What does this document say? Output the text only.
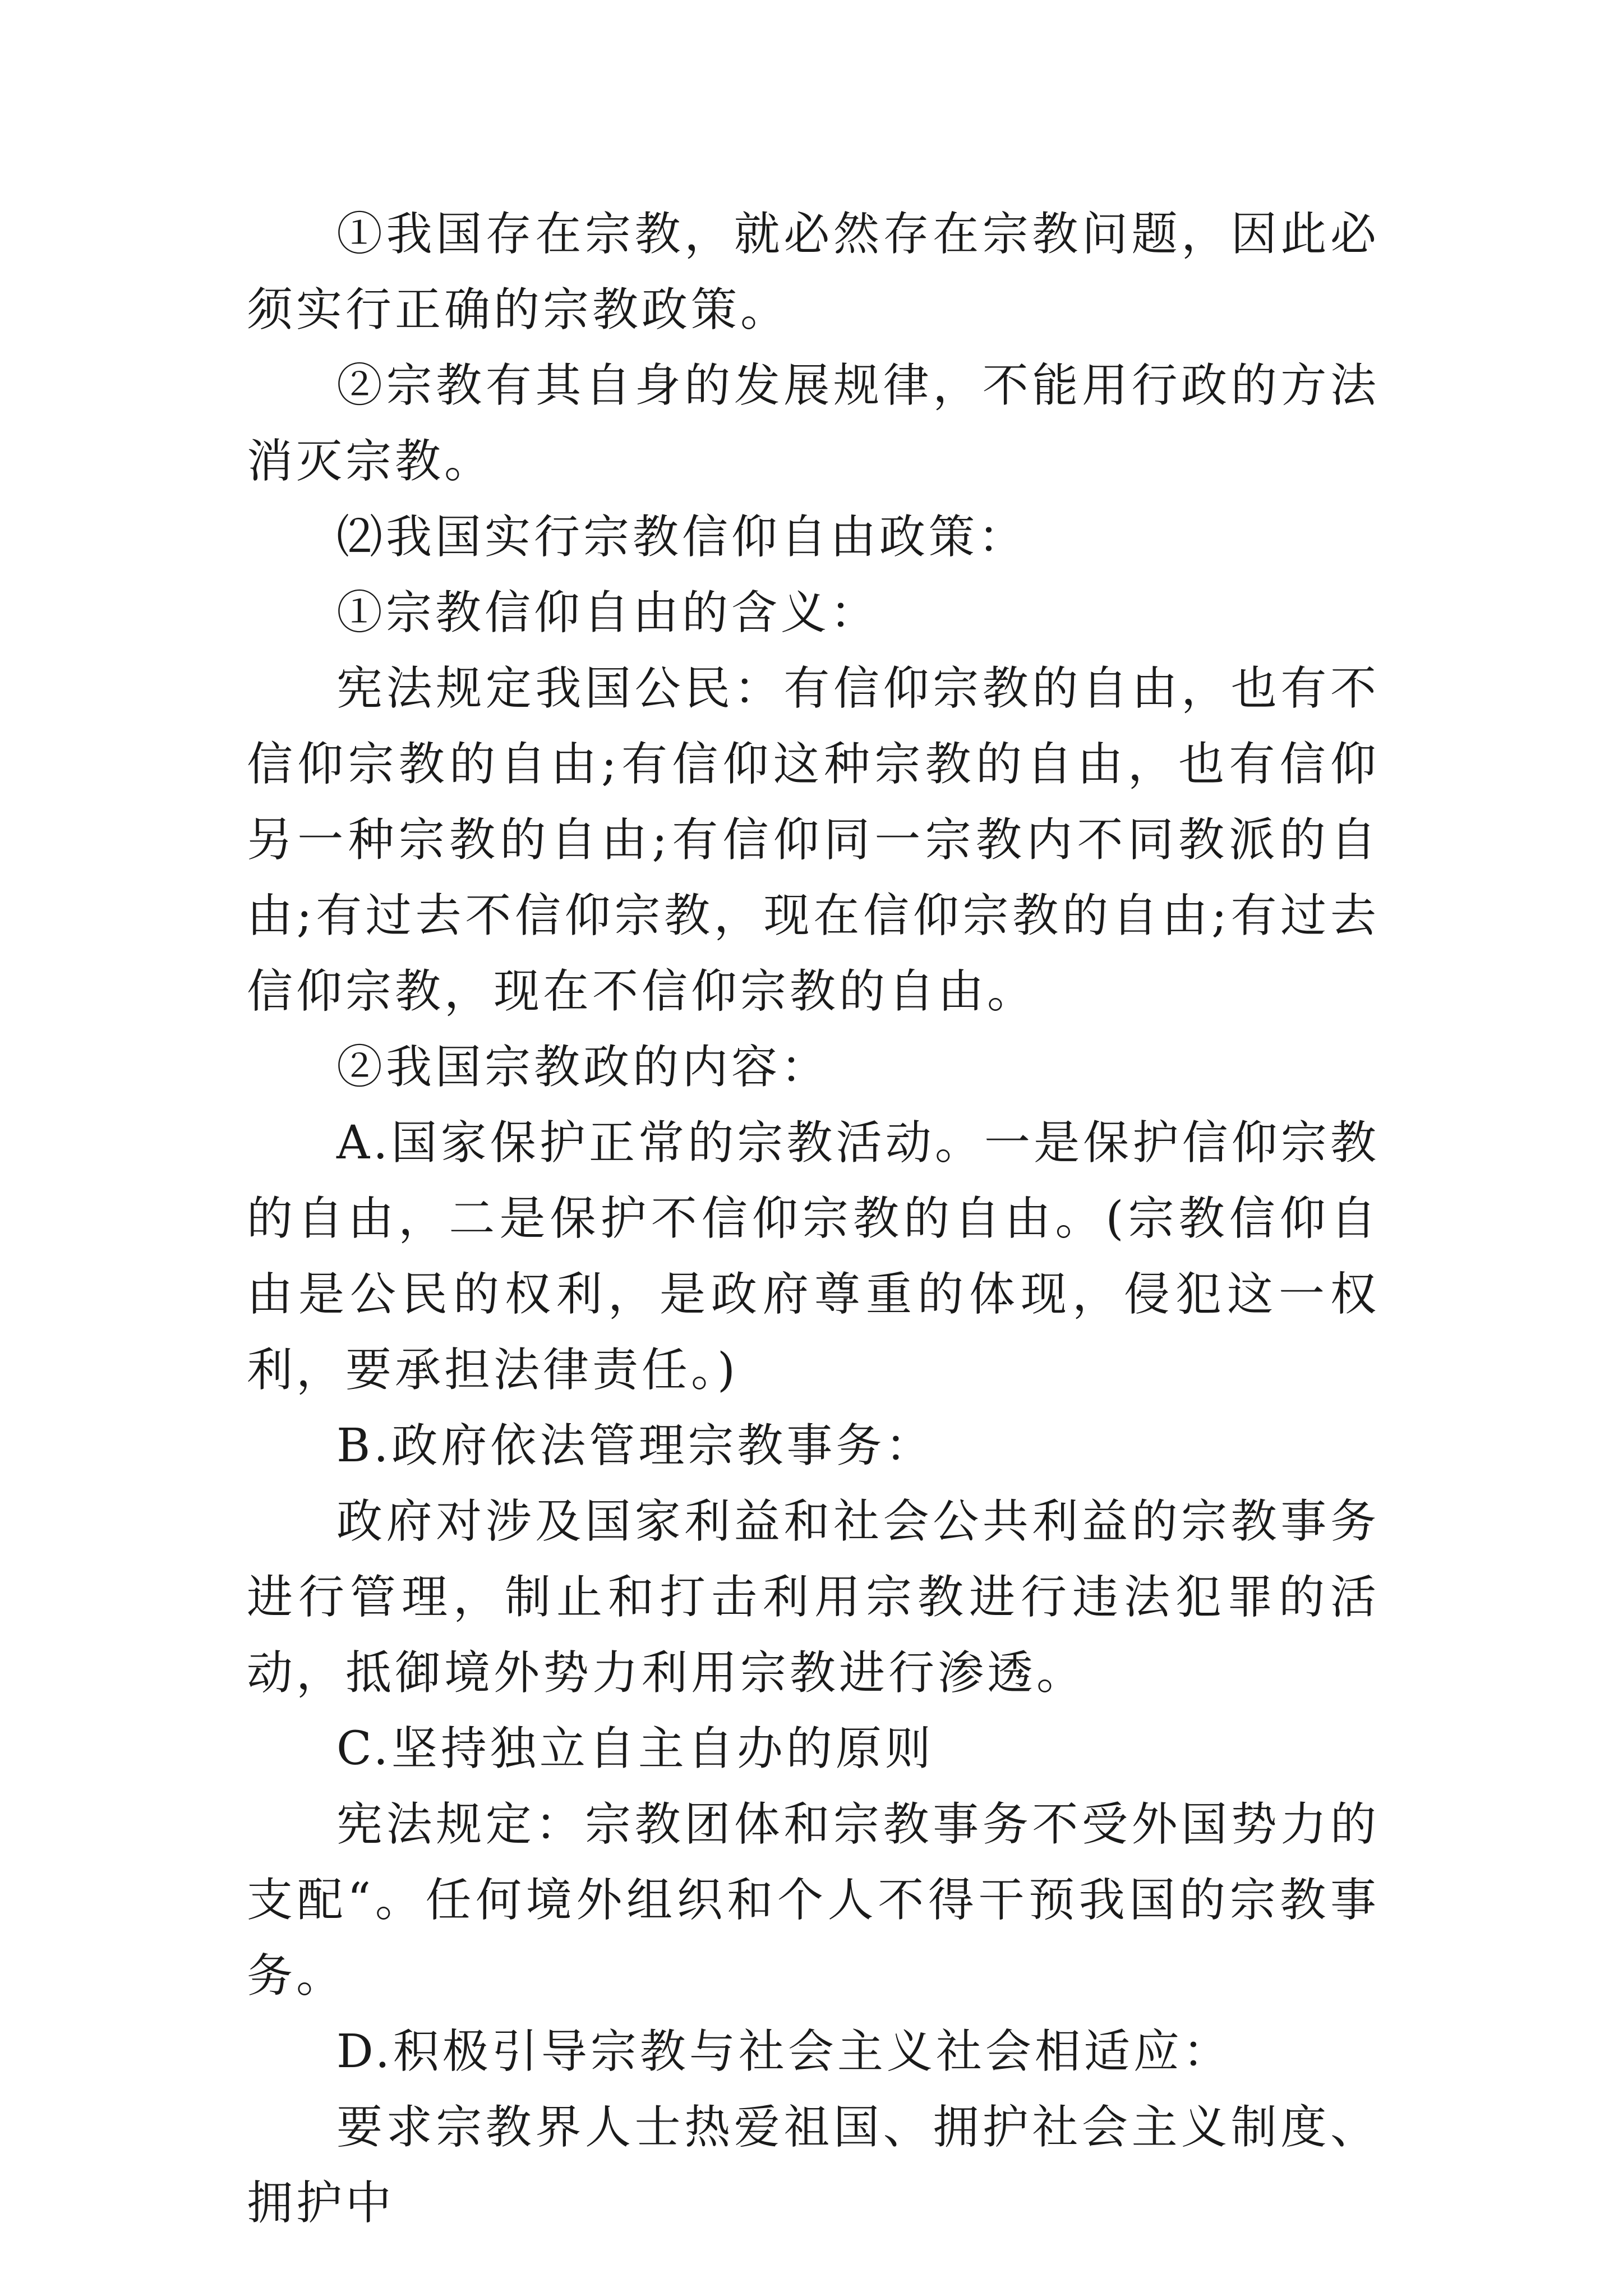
①我国存在宗教，就必然存在宗教问题，因此必须实行正确的宗教政策。

②宗教有其自身的发展规律，不能用行政的方法消灭宗教。

⑵我国实行宗教信仰自由政策：

①宗教信仰自由的含义：

宪法规定我国公民：有信仰宗教的自由，也有不信仰宗教的自由;有信仰这种宗教的自由，也有信仰另一种宗教的自由;有信仰同一宗教内不同教派的自由;有过去不信仰宗教，现在信仰宗教的自由;有过去信仰宗教，现在不信仰宗教的自由。

②我国宗教政的内容：

A.国家保护正常的宗教活动。一是保护信仰宗教的自由，二是保护不信仰宗教的自由。(宗教信仰自由是公民的权利，是政府尊重的体现，侵犯这一权利，要承担法律责任。)

B.政府依法管理宗教事务：

政府对涉及国家利益和社会公共利益的宗教事务进行管理，制止和打击利用宗教进行违法犯罪的活动，抵御境外势力利用宗教进行渗透。

C.坚持独立自主自办的原则

宪法规定：宗教团体和宗教事务不受外国势力的支配“。任何境外组织和个人不得干预我国的宗教事务。

D.积极引导宗教与社会主义社会相适应：

要求宗教界人士热爱祖国、拥护社会主义制度、拥护中
